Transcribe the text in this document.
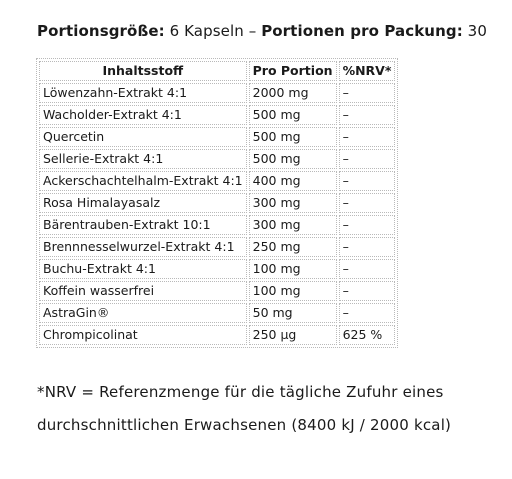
Portionsgröße: 6 Kapseln – Portionen pro Packung: 30
Inhaltsstoff	Pro Portion	%NRV*
Löwenzahn-Extrakt 4:1	2000 mg	–
Wacholder-Extrakt 4:1	500 mg	–
Quercetin	500 mg	–
Sellerie-Extrakt 4:1	500 mg	–
Ackerschachtelhalm-Extrakt 4:1	400 mg	–
Rosa Himalayasalz	300 mg	–
Bärentrauben-Extrakt 10:1	300 mg	–
Brennnesselwurzel-Extrakt 4:1	250 mg	–
Buchu-Extrakt 4:1	100 mg	–
Koffein wasserfrei	100 mg	–
AstraGin®	50 mg	–
Chrompicolinat	250 µg	625 %
*NRV = Referenzmenge für die tägliche Zufuhr eines
durchschnittlichen Erwachsenen (8400 kJ / 2000 kcal)
